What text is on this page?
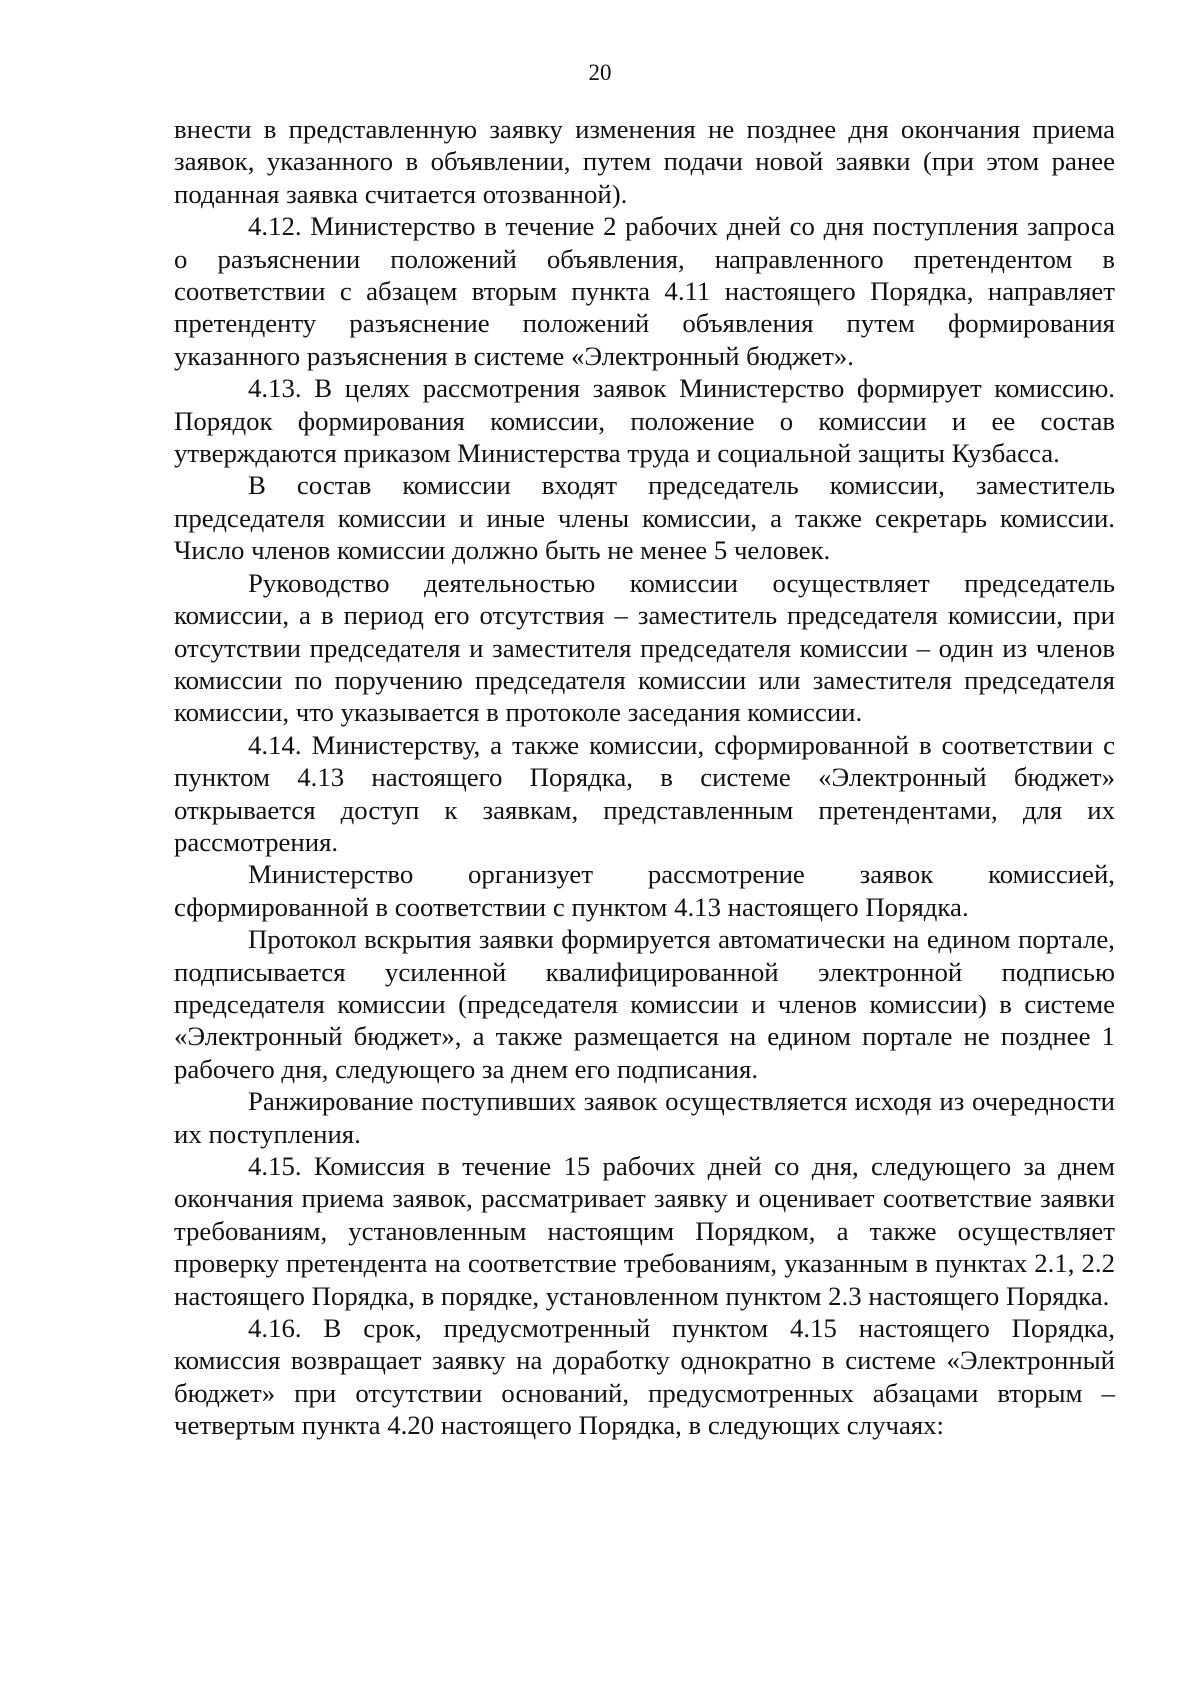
20

внести в представленную заявку изменения не позднее дня окончания приема заявок, указанного в объявлении, путем подачи новой заявки (при этом ранее поданная заявка считается отозванной).

4.12. Министерство в течение 2 рабочих дней со дня поступления запроса о разъяснении положений объявления, направленного претендентом в соответствии с абзацем вторым пункта 4.11 настоящего Порядка, направляет претенденту разъяснение положений объявления путем формирования указанного разъяснения в системе «Электронный бюджет».

4.13. В целях рассмотрения заявок Министерство формирует комиссию. Порядок формирования комиссии, положение о комиссии и ее состав утверждаются приказом Министерства труда и социальной защиты Кузбасса.

В состав комиссии входят председатель комиссии, заместитель председателя комиссии и иные члены комиссии, а также секретарь комиссии. Число членов комиссии должно быть не менее 5 человек.

Руководство деятельностью комиссии осуществляет председатель комиссии, а в период его отсутствия – заместитель председателя комиссии, при отсутствии председателя и заместителя председателя комиссии – один из членов комиссии по поручению председателя комиссии или заместителя председателя комиссии, что указывается в протоколе заседания комиссии.

4.14. Министерству, а также комиссии, сформированной в соответствии с пунктом 4.13 настоящего Порядка, в системе «Электронный бюджет» открывается доступ к заявкам, представленным претендентами, для их рассмотрения.

Министерство организует рассмотрение заявок комиссией, сформированной в соответствии с пунктом 4.13 настоящего Порядка.

Протокол вскрытия заявки формируется автоматически на едином портале, подписывается усиленной квалифицированной электронной подписью председателя комиссии (председателя комиссии и членов комиссии) в системе «Электронный бюджет», а также размещается на едином портале не позднее 1 рабочего дня, следующего за днем его подписания.

Ранжирование поступивших заявок осуществляется исходя из очередности их поступления.

4.15. Комиссия в течение 15 рабочих дней со дня, следующего за днем окончания приема заявок, рассматривает заявку и оценивает соответствие заявки требованиям, установленным настоящим Порядком, а также осуществляет проверку претендента на соответствие требованиям, указанным в пунктах 2.1, 2.2 настоящего Порядка, в порядке, установленном пунктом 2.3 настоящего Порядка.

4.16. В срок, предусмотренный пунктом 4.15 настоящего Порядка, комиссия возвращает заявку на доработку однократно в системе «Электронный бюджет» при отсутствии оснований, предусмотренных абзацами вторым – четвертым пункта 4.20 настоящего Порядка, в следующих случаях:
